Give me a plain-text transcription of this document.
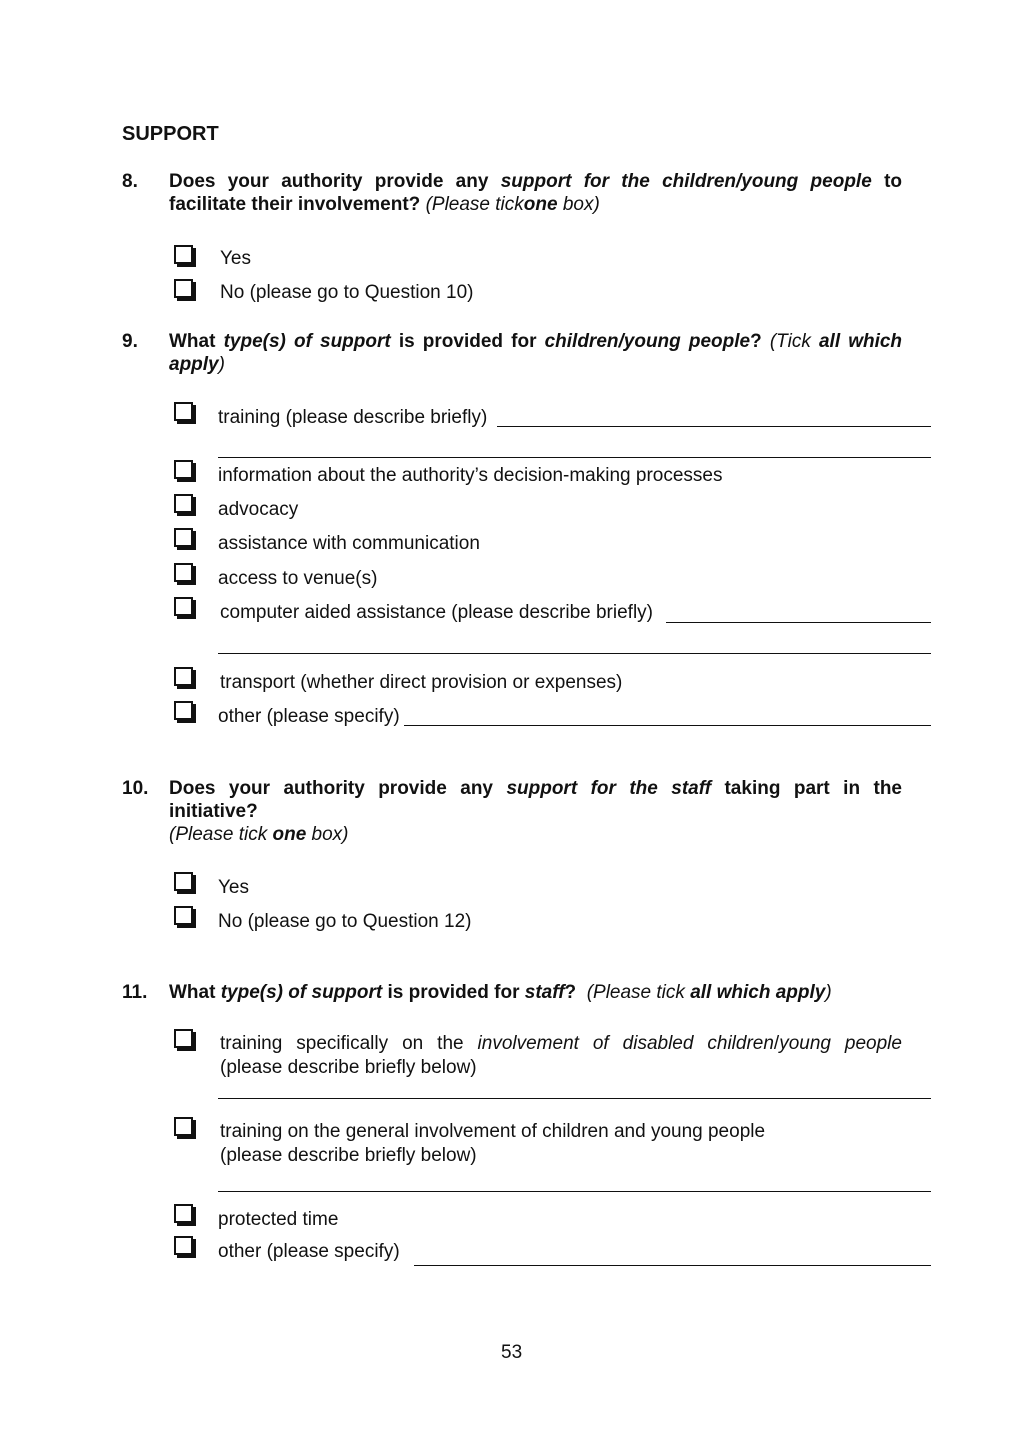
SUPPORT
8. Does your authority provide any support for the children/young people to
facilitate their involvement? (Please tickone box)
Yes
No (please go to Question 10)
9. What type(s) of support is provided for children/young people? (Tick all which
apply)
training (please describe briefly)
information about the authority’s decision-making processes
advocacy
assistance with communication
access to venue(s)
computer aided assistance (please describe briefly)
transport (whether direct provision or expenses)
other (please specify)
10. Does your authority provide any support for the staff taking part in the
initiative?
(Please tick one box)
Yes
No (please go to Question 12)
11. What type(s) of support is provided for staff? (Please tick all which apply)
training specifically on the involvement of disabled children/young people
(please describe briefly below)
training on the general involvement of children and young people
(please describe briefly below)
protected time
other (please specify)
53
